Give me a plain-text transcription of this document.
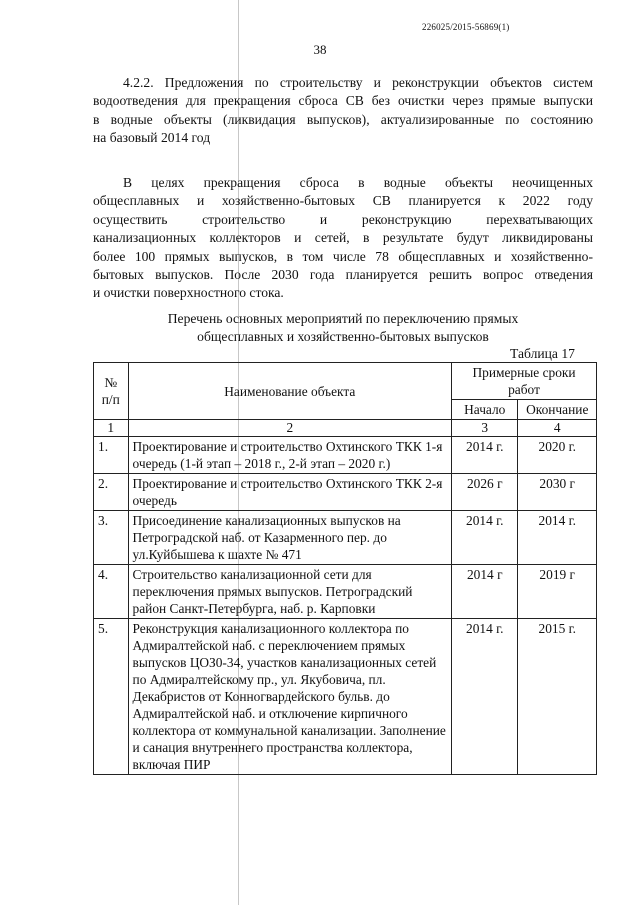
226025/2015-56869(1)
38
4.2.2. Предложения по строительству и реконструкции объектов систем
водоотведения для прекращения сброса СВ без очистки через прямые выпуски
в водные объекты (ликвидация выпусков), актуализированные по состоянию
на базовый 2014 год
В целях прекращения сброса в водные объекты неочищенных
общесплавных и хозяйственно-бытовых СВ планируется к 2022 году
осуществить строительство и реконструкцию перехватывающих
канализационных коллекторов и сетей, в результате будут ликвидированы
более 100 прямых выпусков, в том числе 78 общесплавных и хозяйственно-
бытовых выпусков. После 2030 года планируется решить вопрос отведения
и очистки поверхностного стока.
Перечень основных мероприятий по переключению прямых
общесплавных и хозяйственно-бытовых выпусков
Таблица 17
№ п/п	Наименование объекта	Примерные сроки работ	
		Начало	Окончание
1	2	3	4
1.	Проектирование и строительство Охтинского ТКК 1-я очередь (1-й этап – 2018 г., 2-й этап – 2020 г.)	2014 г.	2020 г.
2.	Проектирование и строительство Охтинского ТКК 2-я очередь	2026 г	2030 г
3.	Присоединение канализационных выпусков на Петроградской наб. от Казарменного пер. до ул.Куйбышева к шахте № 471	2014 г.	2014 г.
4.	Строительство канализационной сети для переключения прямых выпусков. Петроградский район Санкт-Петербурга, наб. р. Карповки	2014 г	2019 г
5.	Реконструкция канализационного коллектора по Адмиралтейской наб. с переключением прямых выпусков ЦОЗ0-34, участков канализационных сетей по Адмиралтейскому пр., ул. Якубовича, пл. Декабристов от Конногвардейского бульв. до Адмиралтейской наб. и отключение кирпичного коллектора от коммунальной канализации. Заполнение и санация внутреннего пространства коллектора, включая ПИР	2014 г.	2015 г.
